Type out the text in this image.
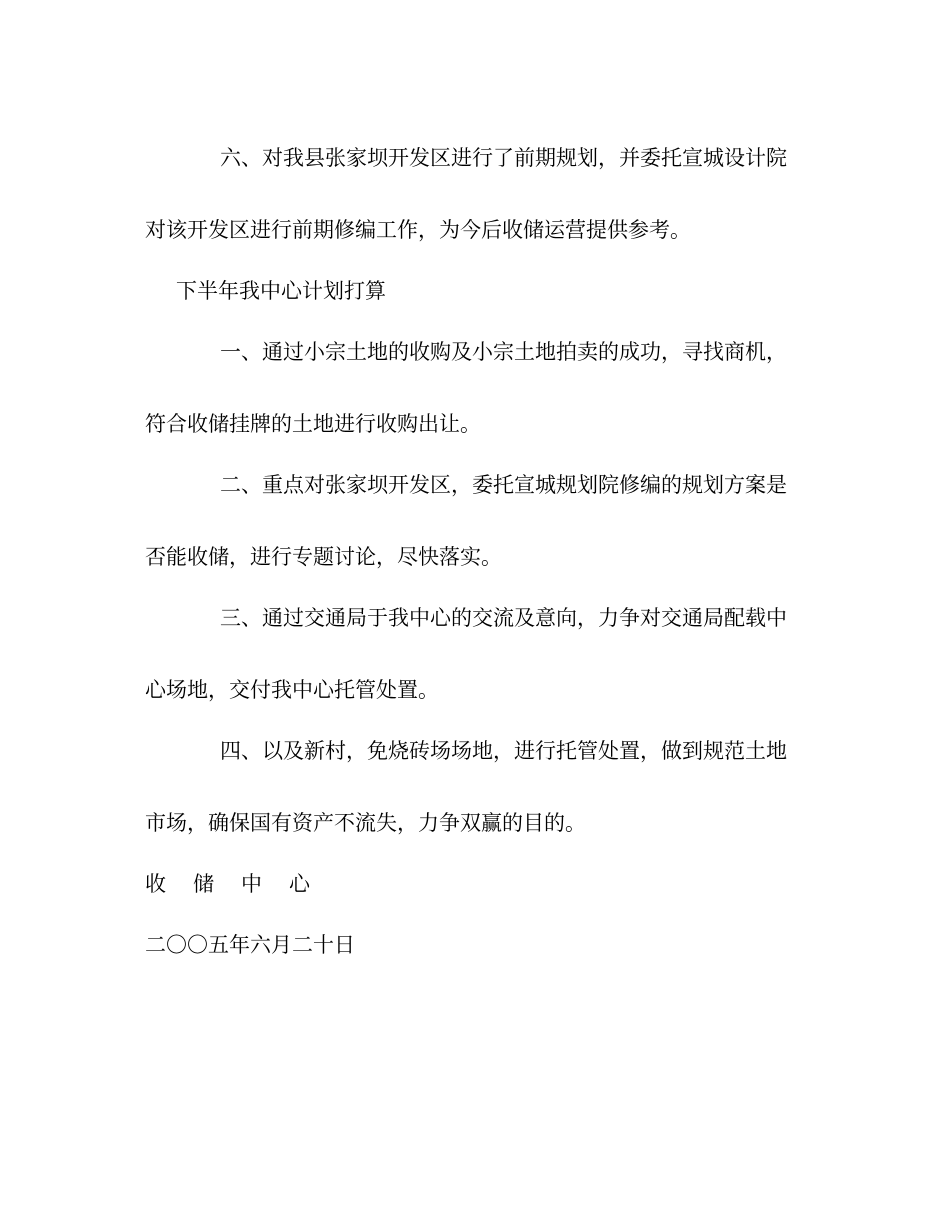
六、对我县张家坝开发区进行了前期规划，并委托宣城设计院

对该开发区进行前期修编工作，为今后收储运营提供参考。

下半年我中心计划打算

一、通过小宗土地的收购及小宗土地拍卖的成功，寻找商机，

符合收储挂牌的土地进行收购出让。

二、重点对张家坝开发区，委托宣城规划院修编的规划方案是

否能收储，进行专题讨论，尽快落实。

三、通过交通局于我中心的交流及意向，力争对交通局配载中

心场地，交付我中心托管处置。

四、以及新村，免烧砖场场地，进行托管处置，做到规范土地

市场，确保国有资产不流失，力争双赢的目的。

收储中心

二〇〇五年六月二十日
